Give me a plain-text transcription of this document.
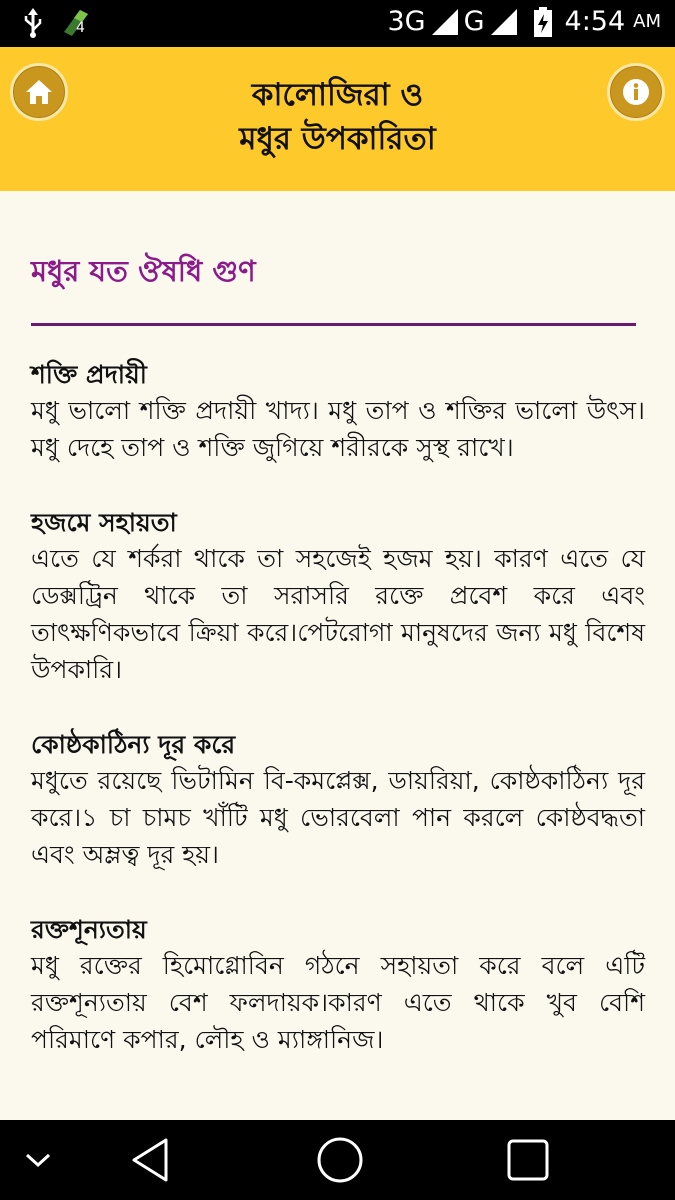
4	3G G	4:54 AM
কালোজিরা ও
মধুর উপকারিতা
মধুর যত ঔষধি গুণ
শক্তি প্রদায়ী
মধু ভালো শক্তি প্রদায়ী খাদ্য। মধু তাপ ও শক্তির ভালো উৎস। মধু দেহে তাপ ও শক্তি জুগিয়ে শরীরকে সুস্থ রাখে।
হজমে সহায়তা
এতে যে শর্করা থাকে তা সহজেই হজম হয়। কারণ এতে যে ডেক্সট্রিন থাকে তা সরাসরি রক্তে প্রবেশ করে এবং তাৎক্ষণিকভাবে ক্রিয়া করে।পেটরোগা মানুষদের জন্য মধু বিশেষ উপকারি।
কোষ্ঠকাঠিন্য দূর করে
মধুতে রয়েছে ভিটামিন বি-কমপ্লেক্স, ডায়রিয়া, কোষ্ঠকাঠিন্য দূর করে।১ চা চামচ খাঁটি মধু ভোরবেলা পান করলে কোষ্ঠবদ্ধতা এবং অম্লত্ব দূর হয়।
রক্তশূন্যতায়
মধু রক্তের হিমোগ্লোবিন গঠনে সহায়তা করে বলে এটি রক্তশূন্যতায় বেশ ফলদায়ক।কারণ এতে থাকে খুব বেশি পরিমাণে কপার, লৌহ ও ম্যাঙ্গানিজ।
